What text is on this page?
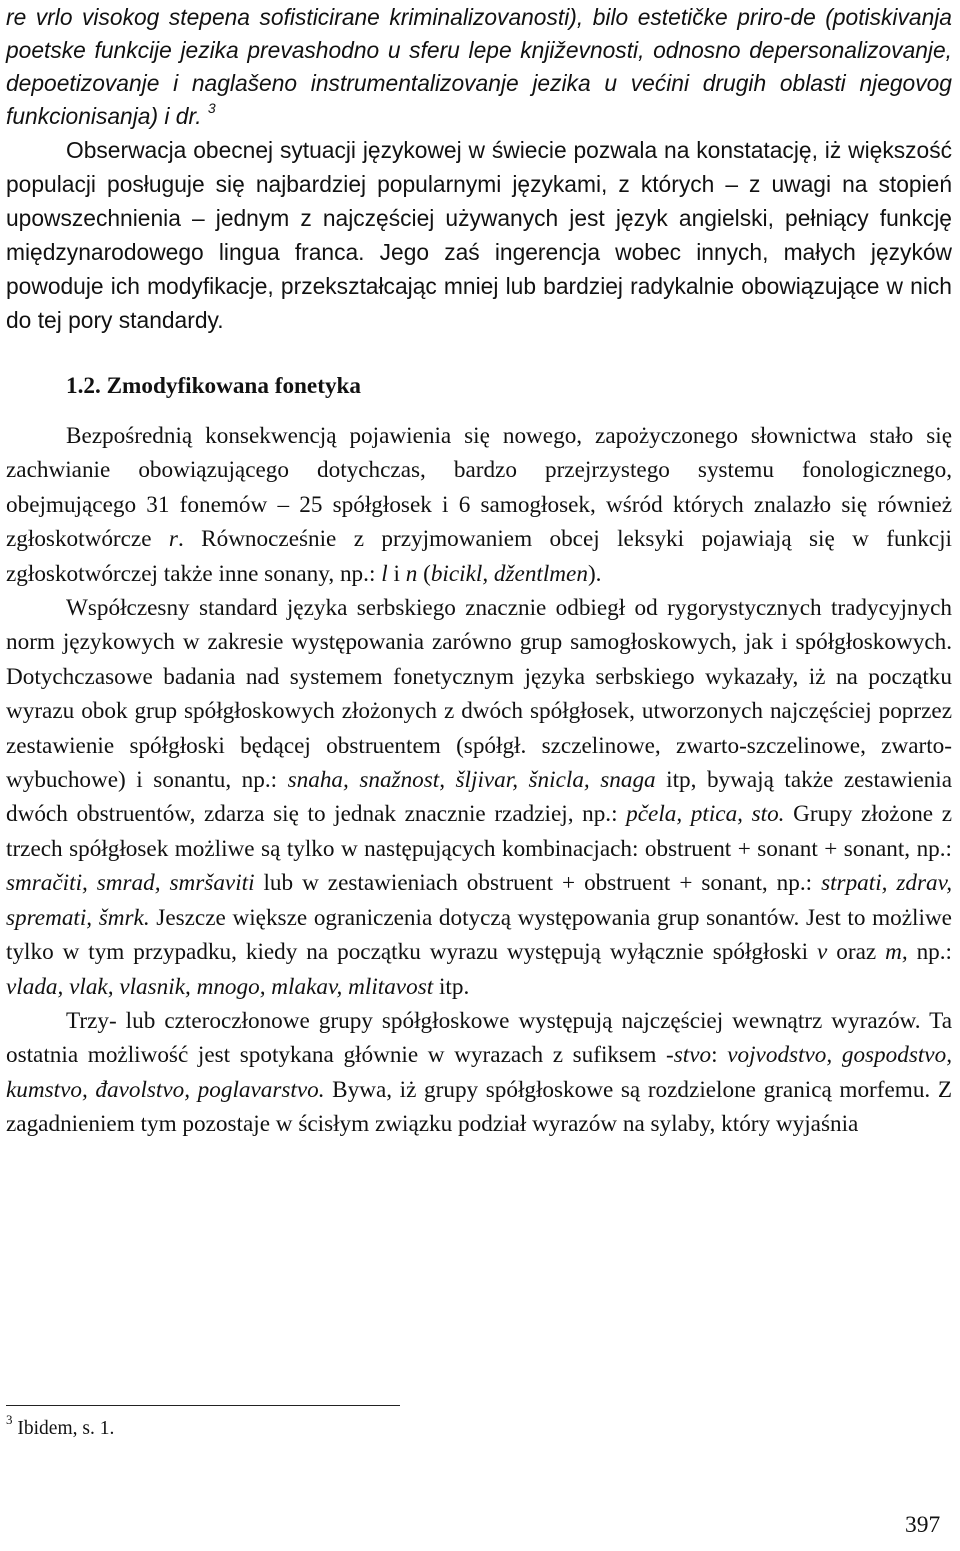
re vrlo visokog stepena sofisticirane kriminalizovanosti), bilo estetičke priro-de (potiskivanja poetske funkcije jezika prevashodno u sferu lepe književnosti, odnosno depersonalizovanje, depoetizovanje i naglašeno instrumentalizovanje jezika u većini drugih oblasti njegovog funkcionisanja) i dr. $^3$

Obserwacja obecnej sytuacji językowej w świecie pozwala na konstatację, iż większość populacji posługuje się najbardziej popularnymi językami, z których – z uwagi na stopień upowszechnienia – jednym z najczęściej używanych jest język angielski, pełniący funkcję międzynarodowego lingua franca. Jego zaś ingerencja wobec innych, małych języków powoduje ich modyfikacje, przekształcając mniej lub bardziej radykalnie obowiązujące w nich do tej pory standardy.

1.2. Zmodyfikowana fonetyka

Bezpośrednią konsekwencją pojawienia się nowego, zapożyczonego słownictwa stało się zachwianie obowiązującego dotychczas, bardzo przejrzystego systemu fonologicznego, obejmującego 31 fonemów – 25 spółgłosek i 6 samogłosek, wśród których znalazło się również zgłoskotwórcze r. Równocześnie z przyjmowaniem obcej leksyki pojawiają się w funkcji zgłoskotwórczej także inne sonany, np.: l i n (bicikl, džentlmen).

Współczesny standard języka serbskiego znacznie odbiegł od rygorystycznych tradycyjnych norm językowych w zakresie występowania zarówno grup samogłoskowych, jak i spółgłoskowych. Dotychczasowe badania nad systemem fonetycznym języka serbskiego wykazały, iż na początku wyrazu obok grup spółgłoskowych złożonych z dwóch spółgłosek, utworzonych najczęściej poprzez zestawienie spółgłoski będącej obstruentem (spółgł. szczelinowe, zwarto-szczelinowe, zwarto-wybuchowe) i sonantu, np.: snaha, snažnost, šljivar, šnicla, snaga itp, bywają także zestawienia dwóch obstruentów, zdarza się to jednak znacznie rzadziej, np.: pčela, ptica, sto. Grupy złożone z trzech spółgłosek możliwe są tylko w następujących kombinacjach: obstruent + sonant + sonant, np.: smračiti, smrad, smršaviti lub w zestawieniach obstruent + obstruent + sonant, np.: strpati, zdrav, sprematі, šmrk. Jeszcze większe ograniczenia dotyczą występowania grup sonantów. Jest to możliwe tylko w tym przypadku, kiedy na początku wyrazu występują wyłącznie spółgłoski v oraz m, np.: vlada, vlak, vlasnik, mnogo, mlakav, mlitavost itp.

Trzy- lub czteroczłonowe grupy spółgłoskowe występują najczęściej wewnątrz wyrazów. Ta ostatnia możliwość jest spotykana głównie w wyrazach z sufiksem -stvo: vojvodstvo, gospodstvo, kumstvo, đavolstvo, poglavarstvo. Bywa, iż grupy spółgłoskowe są rozdzielone granicą morfemu. Z zagadnieniem tym pozostaje w ścisłym związku podział wyrazów na sylaby, który wyjaśnia

$^3$ Ibidem, s. 1.
397
